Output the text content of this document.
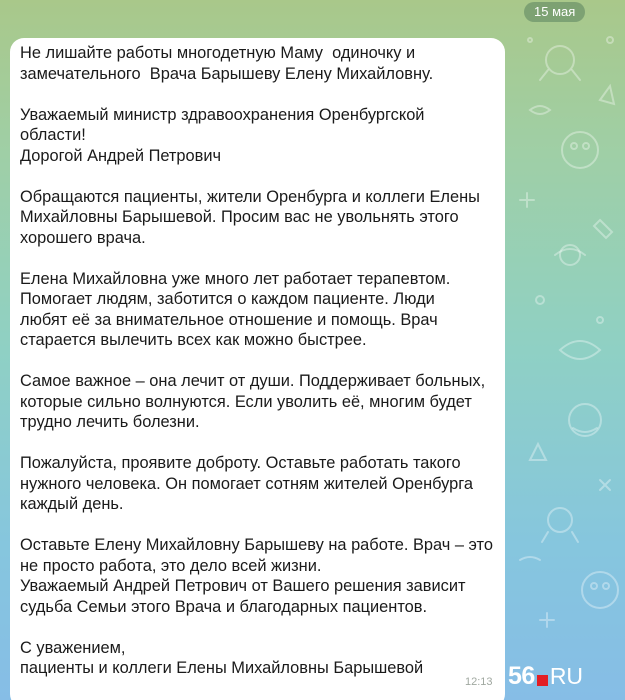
15 мая
Не лишайте работы многодетную Маму  одиночку и
замечательного  Врача Барышеву Елену Михайловну.
Уважаемый министр здравоохранения Оренбургской
области!
Дорогой Андрей Петрович
Обращаются пациенты, жители Оренбурга и коллеги Елены
Михайловны Барышевой. Просим вас не увольнять этого
хорошего врача.
Елена Михайловна уже много лет работает терапевтом.
Помогает людям, заботится о каждом пациенте. Люди
любят её за внимательное отношение и помощь. Врач
старается вылечить всех как можно быстрее.
Самое важное – она лечит от души. Поддерживает больных,
которые сильно волнуются. Если уволить её, многим будет
трудно лечить болезни.
Пожалуйста, проявите доброту. Оставьте работать такого
нужного человека. Он помогает сотням жителей Оренбурга
каждый день.
Оставьте Елену Михайловну Барышеву на работе. Врач – это
не просто работа, это дело всей жизни.
Уважаемый Андрей Петрович от Вашего решения зависит
судьба Семьи этого Врача и благодарных пациентов.
С уважением,
пациенты и коллеги Елены Михайловны Барышевой
12:13 56 RU
